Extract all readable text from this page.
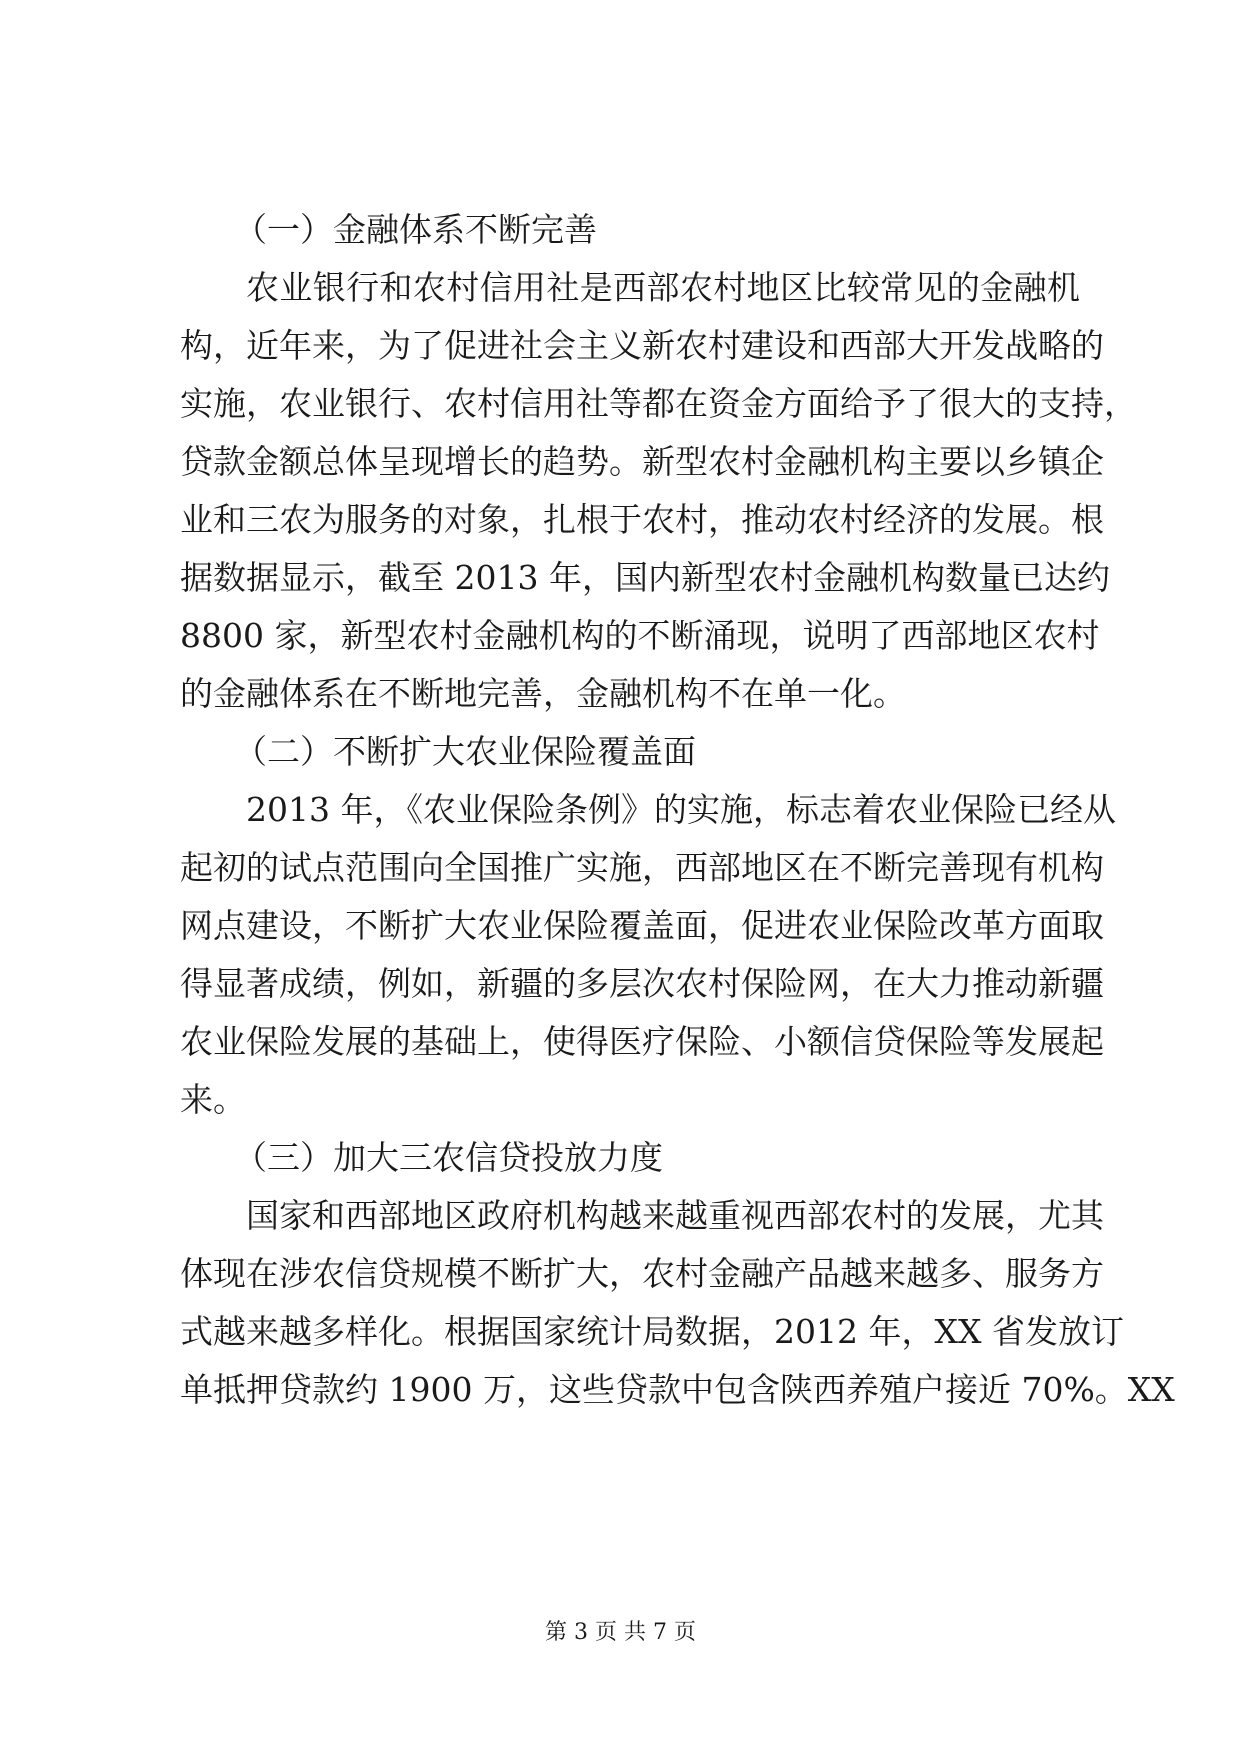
（一）金融体系不断完善
农业银行和农村信用社是西部农村地区比较常见的金融机
构，近年来，为了促进社会主义新农村建设和西部大开发战略的
实施，农业银行、农村信用社等都在资金方面给予了很大的支持，
贷款金额总体呈现增长的趋势。新型农村金融机构主要以乡镇企
业和三农为服务的对象，扎根于农村，推动农村经济的发展。根
据数据显示，截至 2013 年，国内新型农村金融机构数量已达约
8800 家，新型农村金融机构的不断涌现，说明了西部地区农村
的金融体系在不断地完善，金融机构不在单一化。
（二）不断扩大农业保险覆盖面
2013 年，《农业保险条例》的实施，标志着农业保险已经从
起初的试点范围向全国推广实施，西部地区在不断完善现有机构
网点建设，不断扩大农业保险覆盖面，促进农业保险改革方面取
得显著成绩，例如，新疆的多层次农村保险网，在大力推动新疆
农业保险发展的基础上，使得医疗保险、小额信贷保险等发展起
来。
（三）加大三农信贷投放力度
国家和西部地区政府机构越来越重视西部农村的发展，尤其
体现在涉农信贷规模不断扩大，农村金融产品越来越多、服务方
式越来越多样化。根据国家统计局数据，2012 年，XX 省发放订
单抵押贷款约 1900 万，这些贷款中包含陕西养殖户接近 70%。XX
第 3 页 共 7 页
